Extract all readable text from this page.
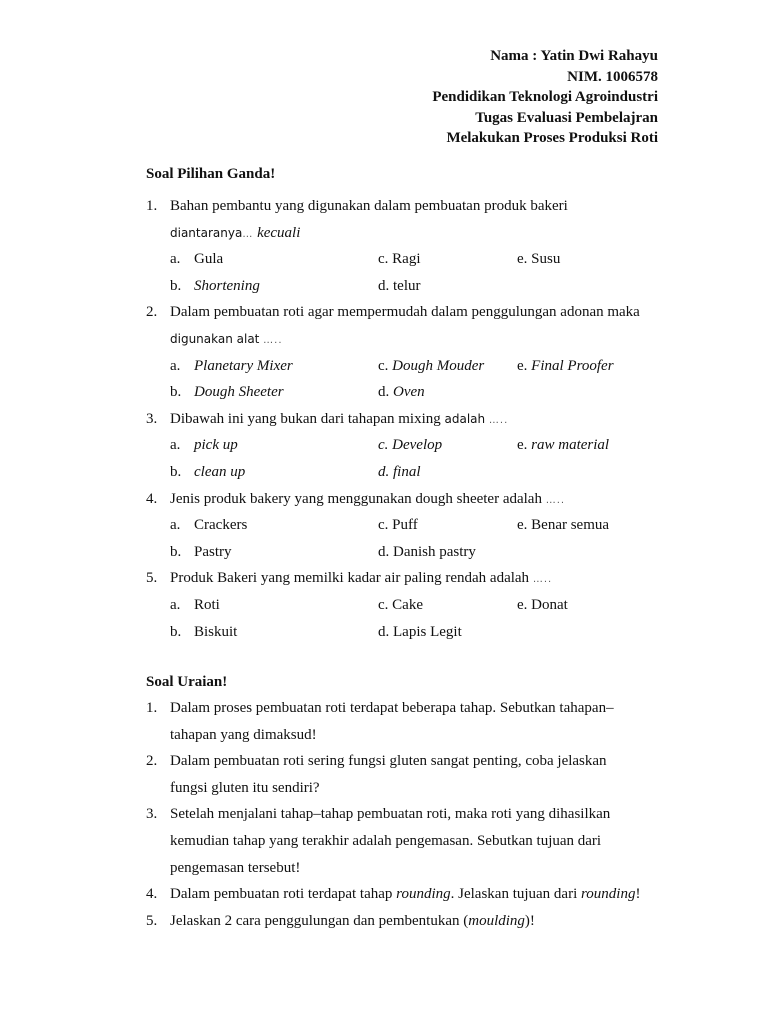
Nama : Yatin Dwi Rahayu
NIM. 1006578
Pendidikan Teknologi Agroindustri
Tugas Evaluasi Pembelajran
Melakukan Proses Produksi Roti
Soal Pilihan Ganda!
1. Bahan pembantu yang digunakan dalam pembuatan produk bakeri
diantaranya… kecuali
a. Gula	c. Ragi	e. Susu
b. Shortening	d. telur
2. Dalam pembuatan roti agar mempermudah dalam penggulungan adonan maka
digunakan alat …..
a. Planetary Mixer	c. Dough Mouder e. Final Proofer
b. Dough Sheeter	d. Oven
3. Dibawah ini yang bukan dari tahapan mixing adalah …..
a. pick up	c. Develop	e. raw material
b. clean up	d. final
4. Jenis produk bakery yang menggunakan dough sheeter adalah …..
a. Crackers	c. Puff	e. Benar semua
b. Pastry	d. Danish pastry
5. Produk Bakeri yang memilki kadar air paling rendah adalah …..
a. Roti	c. Cake	e. Donat
b. Biskuit	d. Lapis Legit
Soal Uraian!
1. Dalam proses pembuatan roti terdapat beberapa tahap. Sebutkan tahapan–
tahapan yang dimaksud!
2. Dalam pembuatan roti sering fungsi gluten sangat penting, coba jelaskan
fungsi gluten itu sendiri?
3. Setelah menjalani tahap–tahap pembuatan roti, maka roti yang dihasilkan
kemudian tahap yang terakhir adalah pengemasan. Sebutkan tujuan dari
pengemasan tersebut!
4. Dalam pembuatan roti terdapat tahap rounding. Jelaskan tujuan dari rounding!
5. Jelaskan 2 cara penggulungan dan pembentukan (moulding)!
